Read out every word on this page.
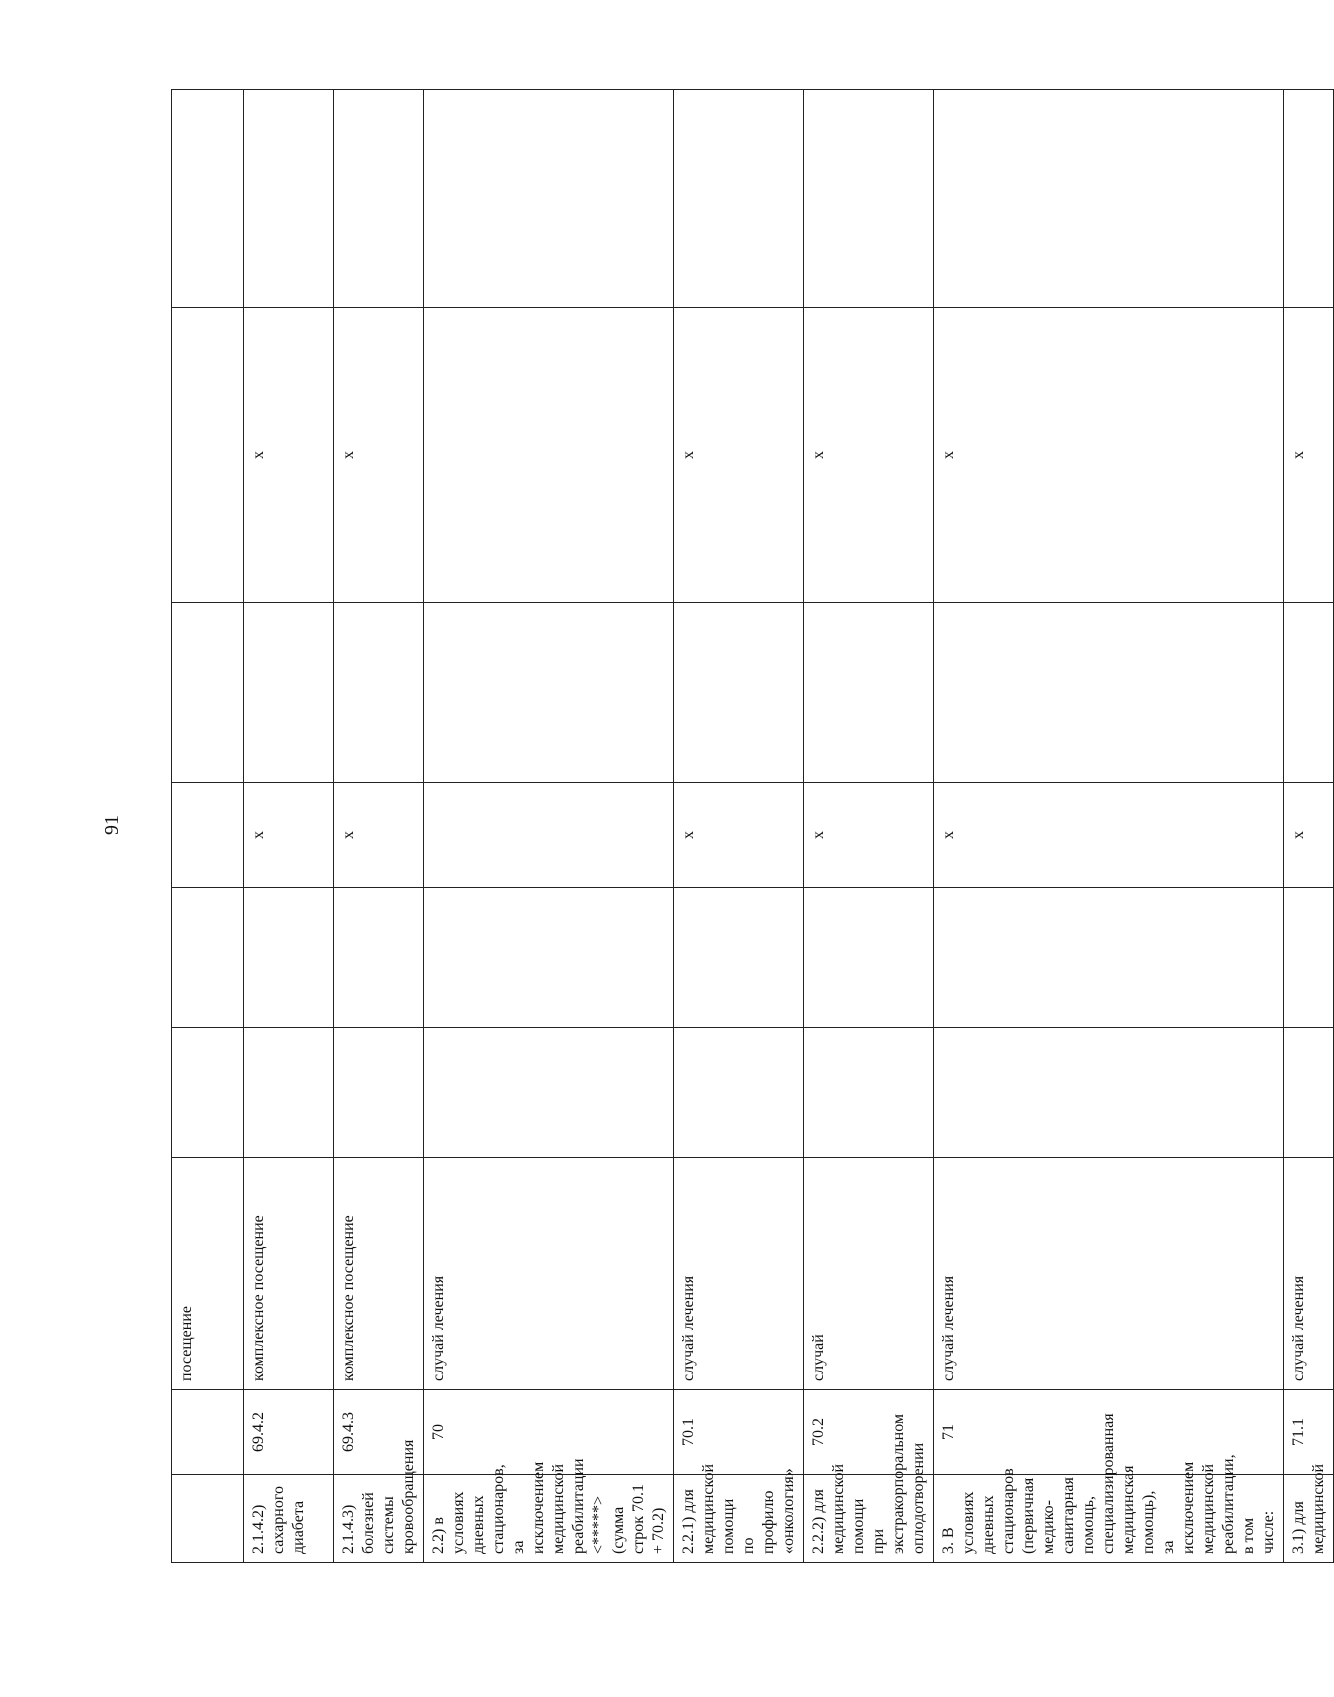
91
		посещение							
2.1.4.2) сахарного диабета	69.4.2	комплексное посещение			х		х		
2.1.4.3) болезней системы кровообращения	69.4.3	комплексное посещение			х		х		
2.2) в условиях дневных стационаров, за исключением медицинской реабилитации <*****> (сумма строк 70.1 + 70.2)	70	случай лечения							
2.2.1) для медицинской помощи по профилю «онкология»	70.1	случай лечения			х		х		
2.2.2) для медицинской помощи при экстракорпоральном оплодотворении	70.2	случай			х		х		
3. В условиях дневных стационаров (первичная медико-санитарная помощь, специализированная медицинская помощь), за исключением медицинской реабилитации, в том числе:	71	случай лечения			х		х		
3.1) для медицинской	71.1	случай лечения			х		х		
